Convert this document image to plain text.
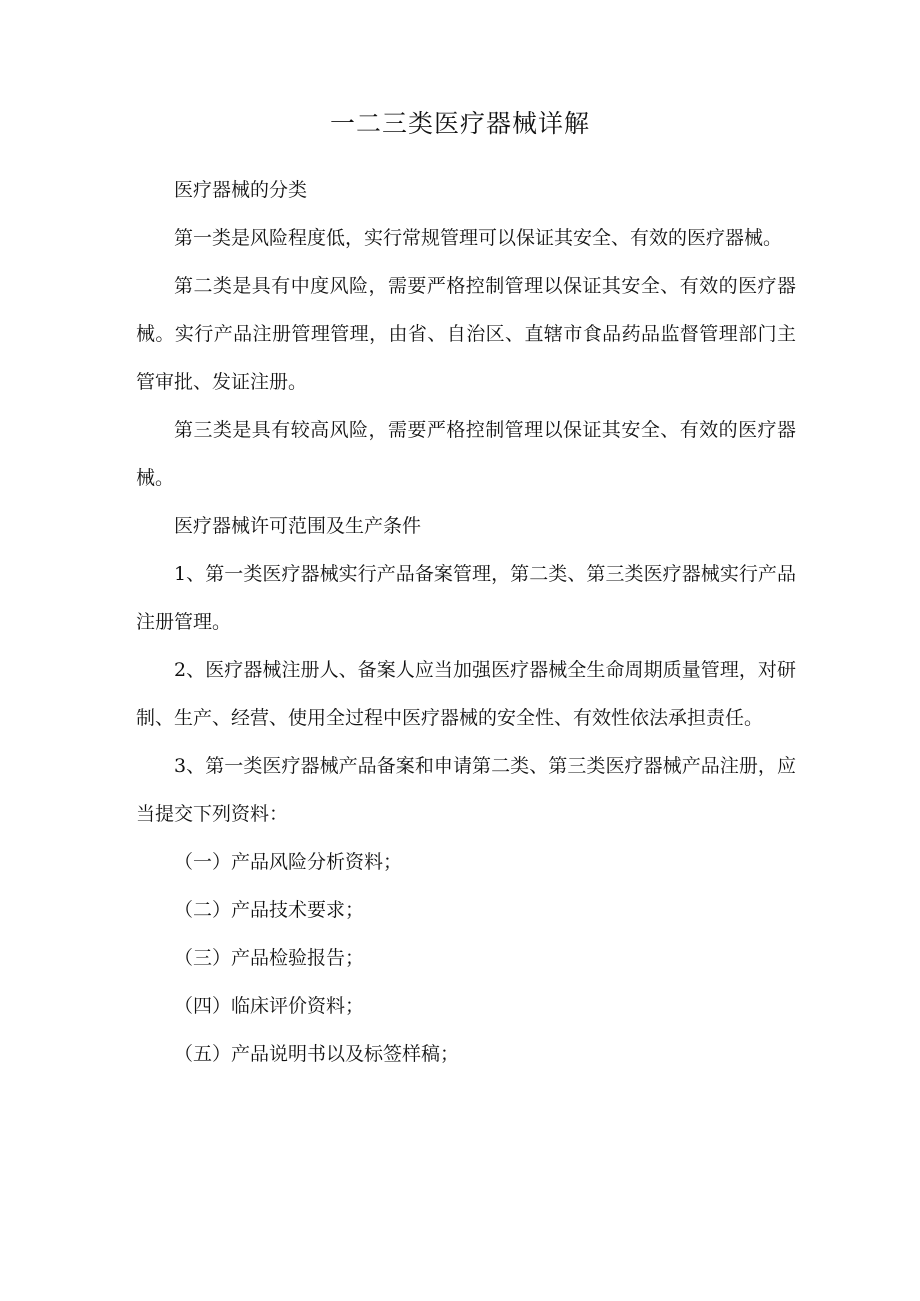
一二三类医疗器械详解

医疗器械的分类

第一类是风险程度低，实行常规管理可以保证其安全、有效的医疗器械。

第二类是具有中度风险，需要严格控制管理以保证其安全、有效的医疗器械。实行产品注册管理管理，由省、自治区、直辖市食品药品监督管理部门主管审批、发证注册。

第三类是具有较高风险，需要严格控制管理以保证其安全、有效的医疗器械。

医疗器械许可范围及生产条件

1、第一类医疗器械实行产品备案管理，第二类、第三类医疗器械实行产品注册管理。

2、医疗器械注册人、备案人应当加强医疗器械全生命周期质量管理，对研制、生产、经营、使用全过程中医疗器械的安全性、有效性依法承担责任。

3、第一类医疗器械产品备案和申请第二类、第三类医疗器械产品注册，应当提交下列资料：

（一）产品风险分析资料；

（二）产品技术要求；

（三）产品检验报告；

（四）临床评价资料；

（五）产品说明书以及标签样稿；
